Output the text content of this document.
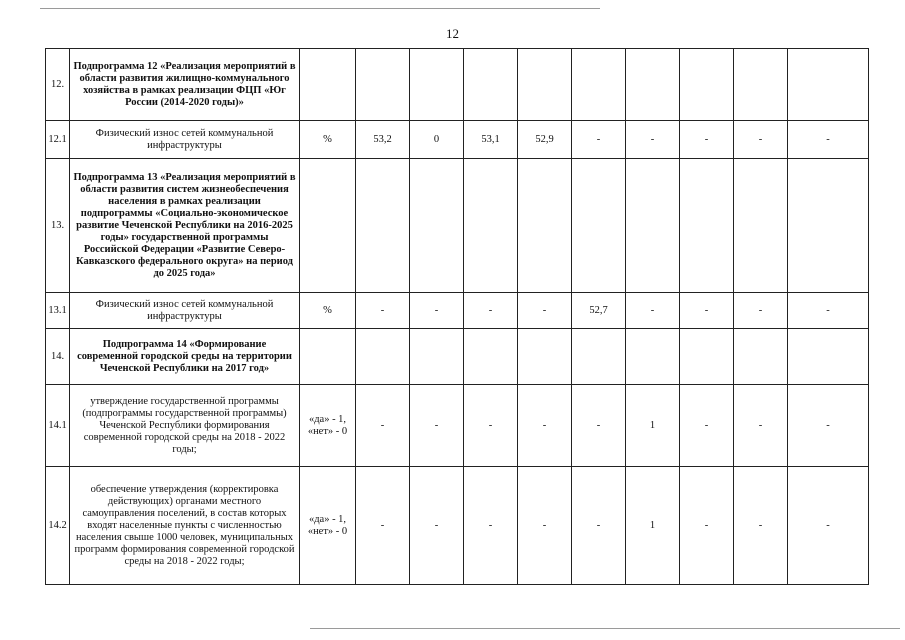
12
12.	Подпрограмма 12 «Реализация мероприятий в области развития жилищно-коммунального хозяйства в рамках реализации ФЦП «Юг России (2014-2020 годы)»										
12.1	Физический износ сетей коммунальной инфраструктуры	%	53,2	0	53,1	52,9	-	-	-	-	-
13.	Подпрограмма 13 «Реализация мероприятий в области развития систем жизнеобеспечения населения в рамках реализации подпрограммы «Социально-экономическое развитие Чеченской Республики на 2016-2025 годы» государственной программы Российской Федерации «Развитие Северо-Кавказского федерального округа» на период до 2025 года»										
13.1	Физический износ сетей коммунальной инфраструктуры	%	-	-	-	-	52,7	-	-	-	-
14.	Подпрограмма 14 «Формирование современной городской среды на территории Чеченской Республики на 2017 год»										
14.1	утверждение государственной программы (подпрограммы государственной программы) Чеченской Республики формирования современной городской среды на 2018 - 2022 годы;	«да» - 1, «нет» - 0	-	-	-	-	-	1	-	-	-
14.2	обеспечение утверждения (корректировка действующих) органами местного самоуправления поселений, в состав которых входят населенные пункты с численностью населения свыше 1000 человек, муниципальных программ формирования современной городской среды на 2018 - 2022 годы;	«да» - 1, «нет» - 0	-	-	-	-	-	1	-	-	-
